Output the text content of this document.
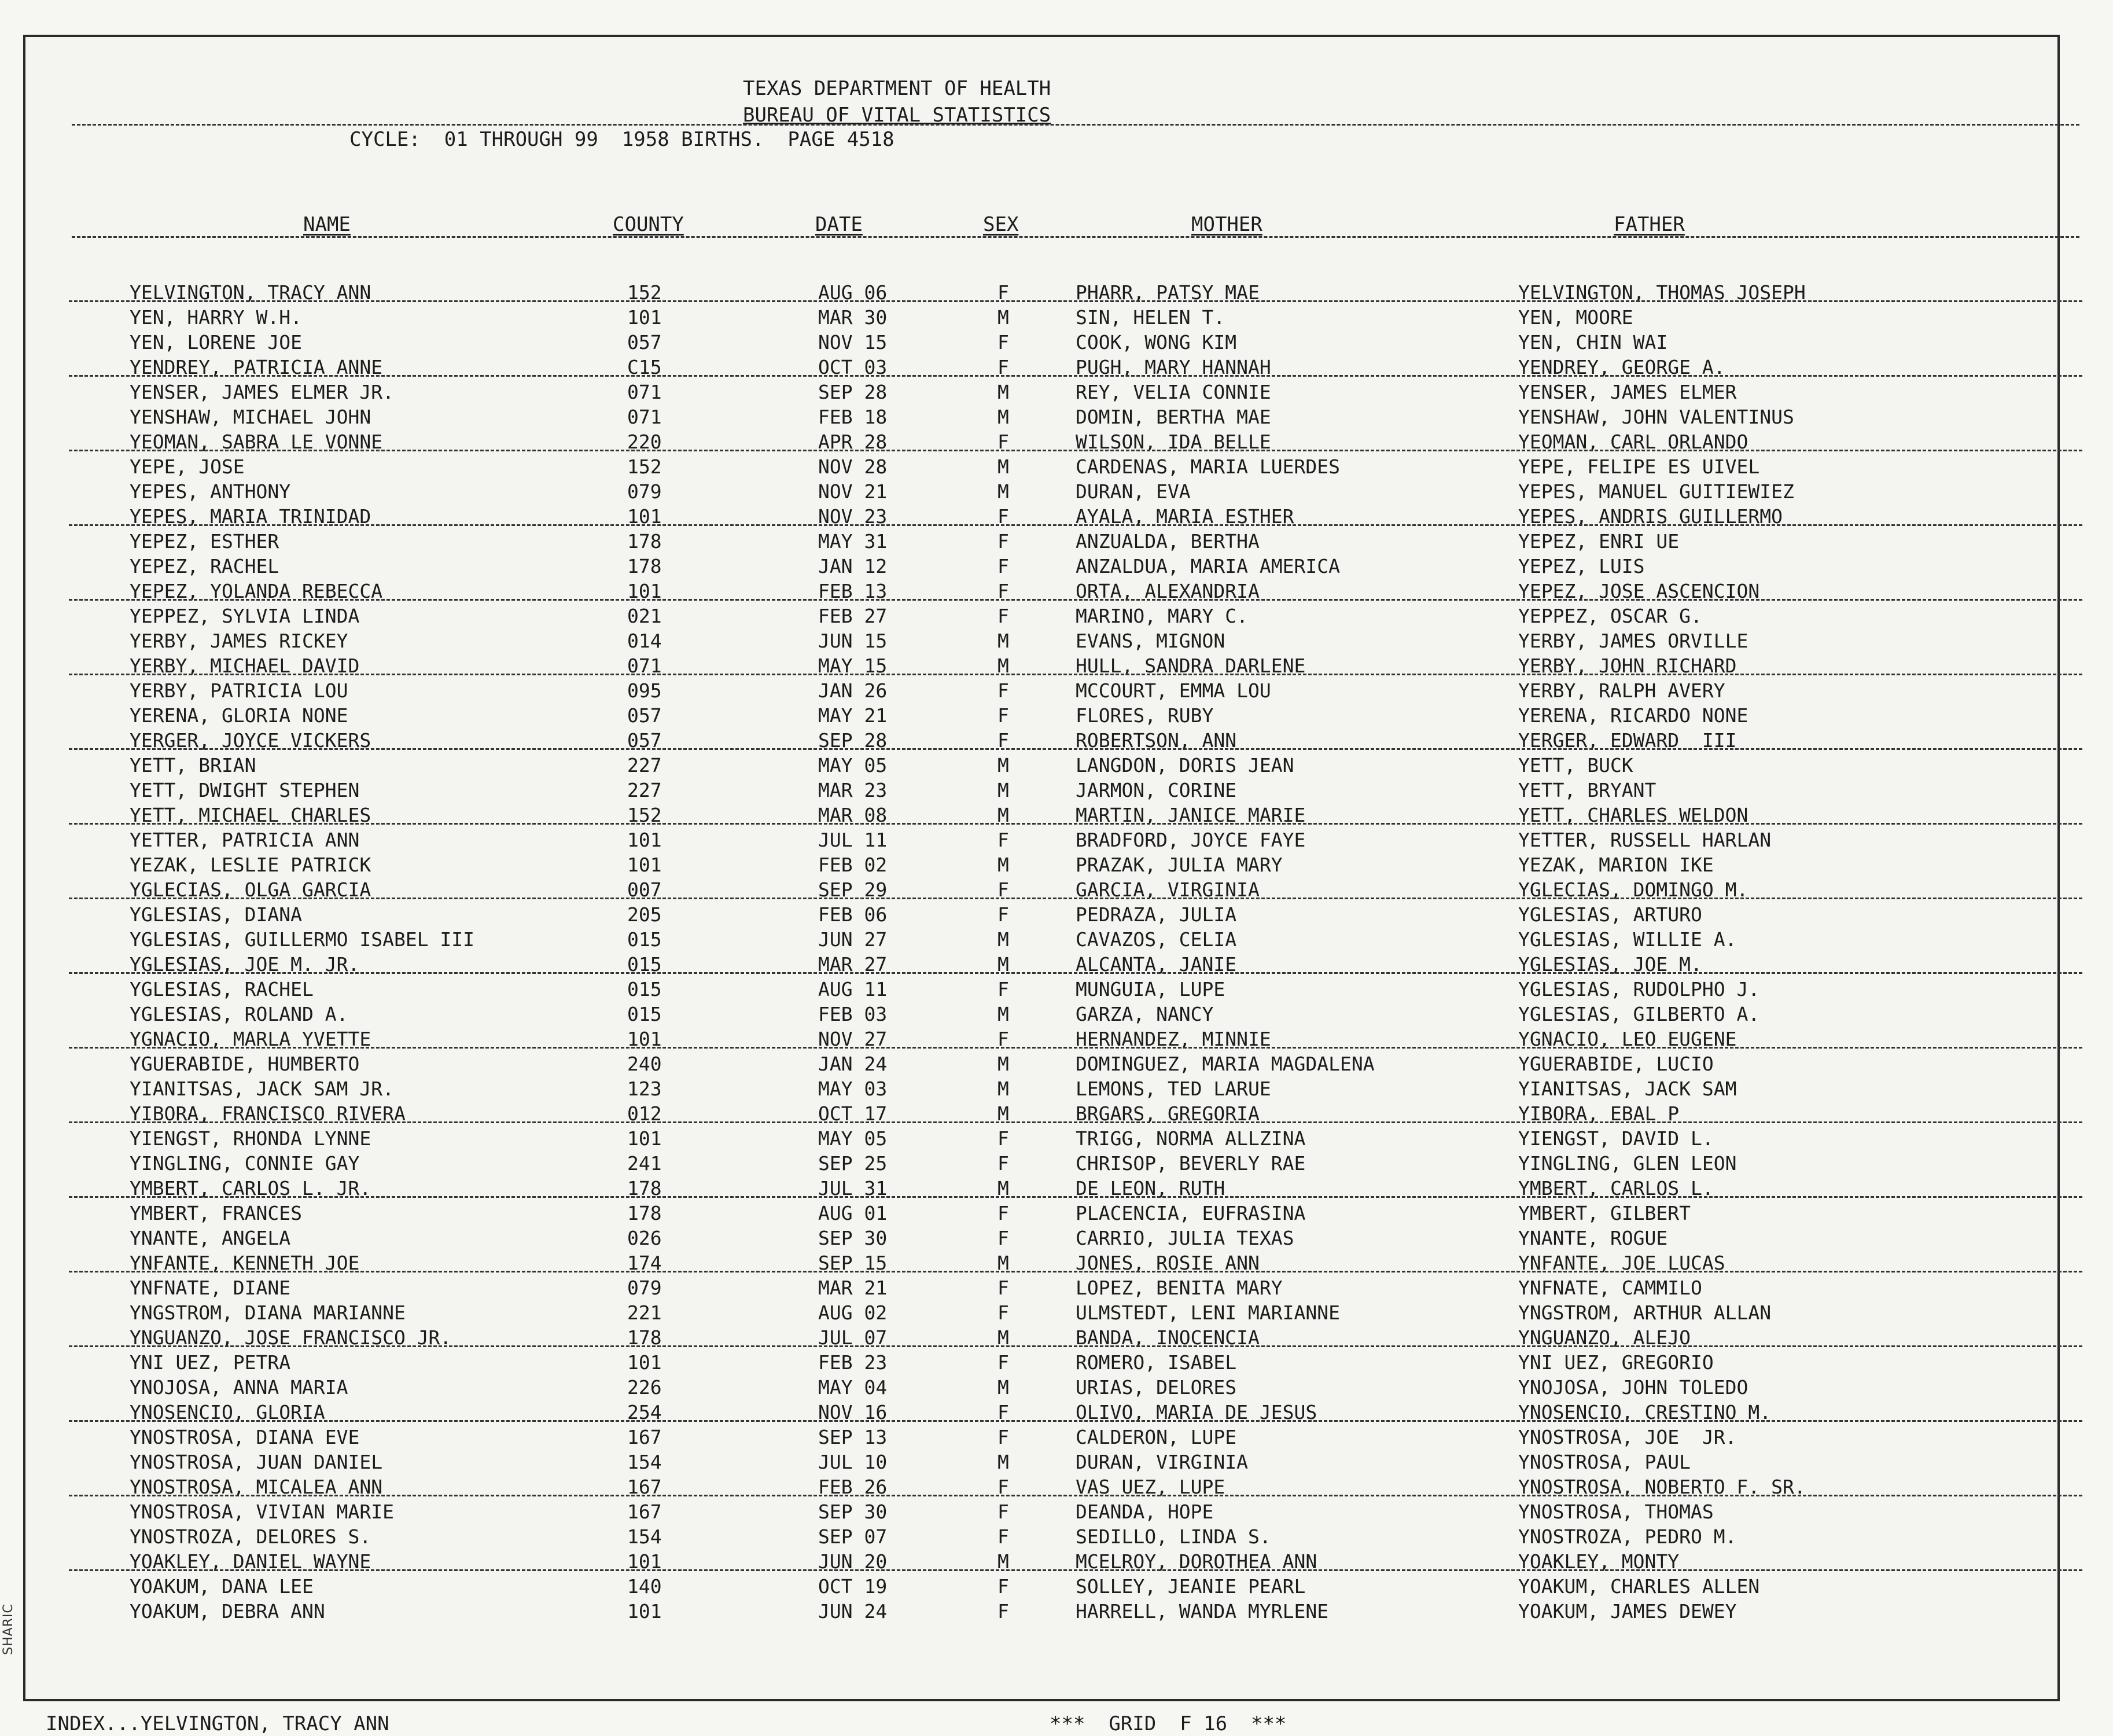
SHARIC
TEXAS DEPARTMENT OF HEALTH
BUREAU OF VITAL STATISTICS
CYCLE:  01 THROUGH 99  1958 BIRTHS.  PAGE 4518
NAME	COUNTY	DATE	SEX	MOTHER	FATHER
YELVINGTON, TRACY ANN	152	AUG 06	F	PHARR, PATSY MAE	YELVINGTON, THOMAS JOSEPH
YEN, HARRY W.H.	101	MAR 30	M	SIN, HELEN T.	YEN, MOORE
YEN, LORENE JOE	057	NOV 15	F	COOK, WONG KIM	YEN, CHIN WAI
YENDREY, PATRICIA ANNE	C15	OCT 03	F	PUGH, MARY HANNAH	YENDREY, GEORGE A.
YENSER, JAMES ELMER JR.	071	SEP 28	M	REY, VELIA CONNIE	YENSER, JAMES ELMER
YENSHAW, MICHAEL JOHN	071	FEB 18	M	DOMIN, BERTHA MAE	YENSHAW, JOHN VALENTINUS
YEOMAN, SABRA LE VONNE	220	APR 28	F	WILSON, IDA BELLE	YEOMAN, CARL ORLANDO
YEPE, JOSE	152	NOV 28	M	CARDENAS, MARIA LUERDES	YEPE, FELIPE ES UIVEL
YEPES, ANTHONY	079	NOV 21	M	DURAN, EVA	YEPES, MANUEL GUITIEWIEZ
YEPES, MARIA TRINIDAD	101	NOV 23	F	AYALA, MARIA ESTHER	YEPES, ANDRIS GUILLERMO
YEPEZ, ESTHER	178	MAY 31	F	ANZUALDA, BERTHA	YEPEZ, ENRI UE
YEPEZ, RACHEL	178	JAN 12	F	ANZALDUA, MARIA AMERICA	YEPEZ, LUIS
YEPEZ, YOLANDA REBECCA	101	FEB 13	F	ORTA, ALEXANDRIA	YEPEZ, JOSE ASCENCION
YEPPEZ, SYLVIA LINDA	021	FEB 27	F	MARINO, MARY C.	YEPPEZ, OSCAR G.
YERBY, JAMES RICKEY	014	JUN 15	M	EVANS, MIGNON	YERBY, JAMES ORVILLE
YERBY, MICHAEL DAVID	071	MAY 15	M	HULL, SANDRA DARLENE	YERBY, JOHN RICHARD
YERBY, PATRICIA LOU	095	JAN 26	F	MCCOURT, EMMA LOU	YERBY, RALPH AVERY
YERENA, GLORIA NONE	057	MAY 21	F	FLORES, RUBY	YERENA, RICARDO NONE
YERGER, JOYCE VICKERS	057	SEP 28	F	ROBERTSON, ANN	YERGER, EDWARD  III
YETT, BRIAN	227	MAY 05	M	LANGDON, DORIS JEAN	YETT, BUCK
YETT, DWIGHT STEPHEN	227	MAR 23	M	JARMON, CORINE	YETT, BRYANT
YETT, MICHAEL CHARLES	152	MAR 08	M	MARTIN, JANICE MARIE	YETT, CHARLES WELDON
YETTER, PATRICIA ANN	101	JUL 11	F	BRADFORD, JOYCE FAYE	YETTER, RUSSELL HARLAN
YEZAK, LESLIE PATRICK	101	FEB 02	M	PRAZAK, JULIA MARY	YEZAK, MARION IKE
YGLECIAS, OLGA GARCIA	007	SEP 29	F	GARCIA, VIRGINIA	YGLECIAS, DOMINGO M.
YGLESIAS, DIANA	205	FEB 06	F	PEDRAZA, JULIA	YGLESIAS, ARTURO
YGLESIAS, GUILLERMO ISABEL III	015	JUN 27	M	CAVAZOS, CELIA	YGLESIAS, WILLIE A.
YGLESIAS, JOE M. JR.	015	MAR 27	M	ALCANTA, JANIE	YGLESIAS, JOE M.
YGLESIAS, RACHEL	015	AUG 11	F	MUNGUIA, LUPE	YGLESIAS, RUDOLPHO J.
YGLESIAS, ROLAND A.	015	FEB 03	M	GARZA, NANCY	YGLESIAS, GILBERTO A.
YGNACIO, MARLA YVETTE	101	NOV 27	F	HERNANDEZ, MINNIE	YGNACIO, LEO EUGENE
YGUERABIDE, HUMBERTO	240	JAN 24	M	DOMINGUEZ, MARIA MAGDALENA	YGUERABIDE, LUCIO
YIANITSAS, JACK SAM JR.	123	MAY 03	M	LEMONS, TED LARUE	YIANITSAS, JACK SAM
YIBORA, FRANCISCO RIVERA	012	OCT 17	M	BRGARS, GREGORIA	YIBORA, EBAL P
YIENGST, RHONDA LYNNE	101	MAY 05	F	TRIGG, NORMA ALLZINA	YIENGST, DAVID L.
YINGLING, CONNIE GAY	241	SEP 25	F	CHRISOP, BEVERLY RAE	YINGLING, GLEN LEON
YMBERT, CARLOS L. JR.	178	JUL 31	M	DE LEON, RUTH	YMBERT, CARLOS L.
YMBERT, FRANCES	178	AUG 01	F	PLACENCIA, EUFRASINA	YMBERT, GILBERT
YNANTE, ANGELA	026	SEP 30	F	CARRIO, JULIA TEXAS	YNANTE, ROGUE
YNFANTE, KENNETH JOE	174	SEP 15	M	JONES, ROSIE ANN	YNFANTE, JOE LUCAS
YNFNATE, DIANE	079	MAR 21	F	LOPEZ, BENITA MARY	YNFNATE, CAMMILO
YNGSTROM, DIANA MARIANNE	221	AUG 02	F	ULMSTEDT, LENI MARIANNE	YNGSTROM, ARTHUR ALLAN
YNGUANZO, JOSE FRANCISCO JR.	178	JUL 07	M	BANDA, INOCENCIA	YNGUANZO, ALEJO
YNI UEZ, PETRA	101	FEB 23	F	ROMERO, ISABEL	YNI UEZ, GREGORIO
YNOJOSA, ANNA MARIA	226	MAY 04	M	URIAS, DELORES	YNOJOSA, JOHN TOLEDO
YNOSENCIO, GLORIA	254	NOV 16	F	OLIVO, MARIA DE JESUS	YNOSENCIO, CRESTINO M.
YNOSTROSA, DIANA EVE	167	SEP 13	F	CALDERON, LUPE	YNOSTROSA, JOE  JR.
YNOSTROSA, JUAN DANIEL	154	JUL 10	M	DURAN, VIRGINIA	YNOSTROSA, PAUL
YNOSTROSA, MICALEA ANN	167	FEB 26	F	VAS UEZ, LUPE	YNOSTROSA, NOBERTO F. SR.
YNOSTROSA, VIVIAN MARIE	167	SEP 30	F	DEANDA, HOPE	YNOSTROSA, THOMAS
YNOSTROZA, DELORES S.	154	SEP 07	F	SEDILLO, LINDA S.	YNOSTROZA, PEDRO M.
YOAKLEY, DANIEL WAYNE	101	JUN 20	M	MCELROY, DOROTHEA ANN	YOAKLEY, MONTY
YOAKUM, DANA LEE	140	OCT 19	F	SOLLEY, JEANIE PEARL	YOAKUM, CHARLES ALLEN
YOAKUM, DEBRA ANN	101	JUN 24	F	HARRELL, WANDA MYRLENE	YOAKUM, JAMES DEWEY
INDEX...YELVINGTON, TRACY ANN	***  GRID  F 16  ***
